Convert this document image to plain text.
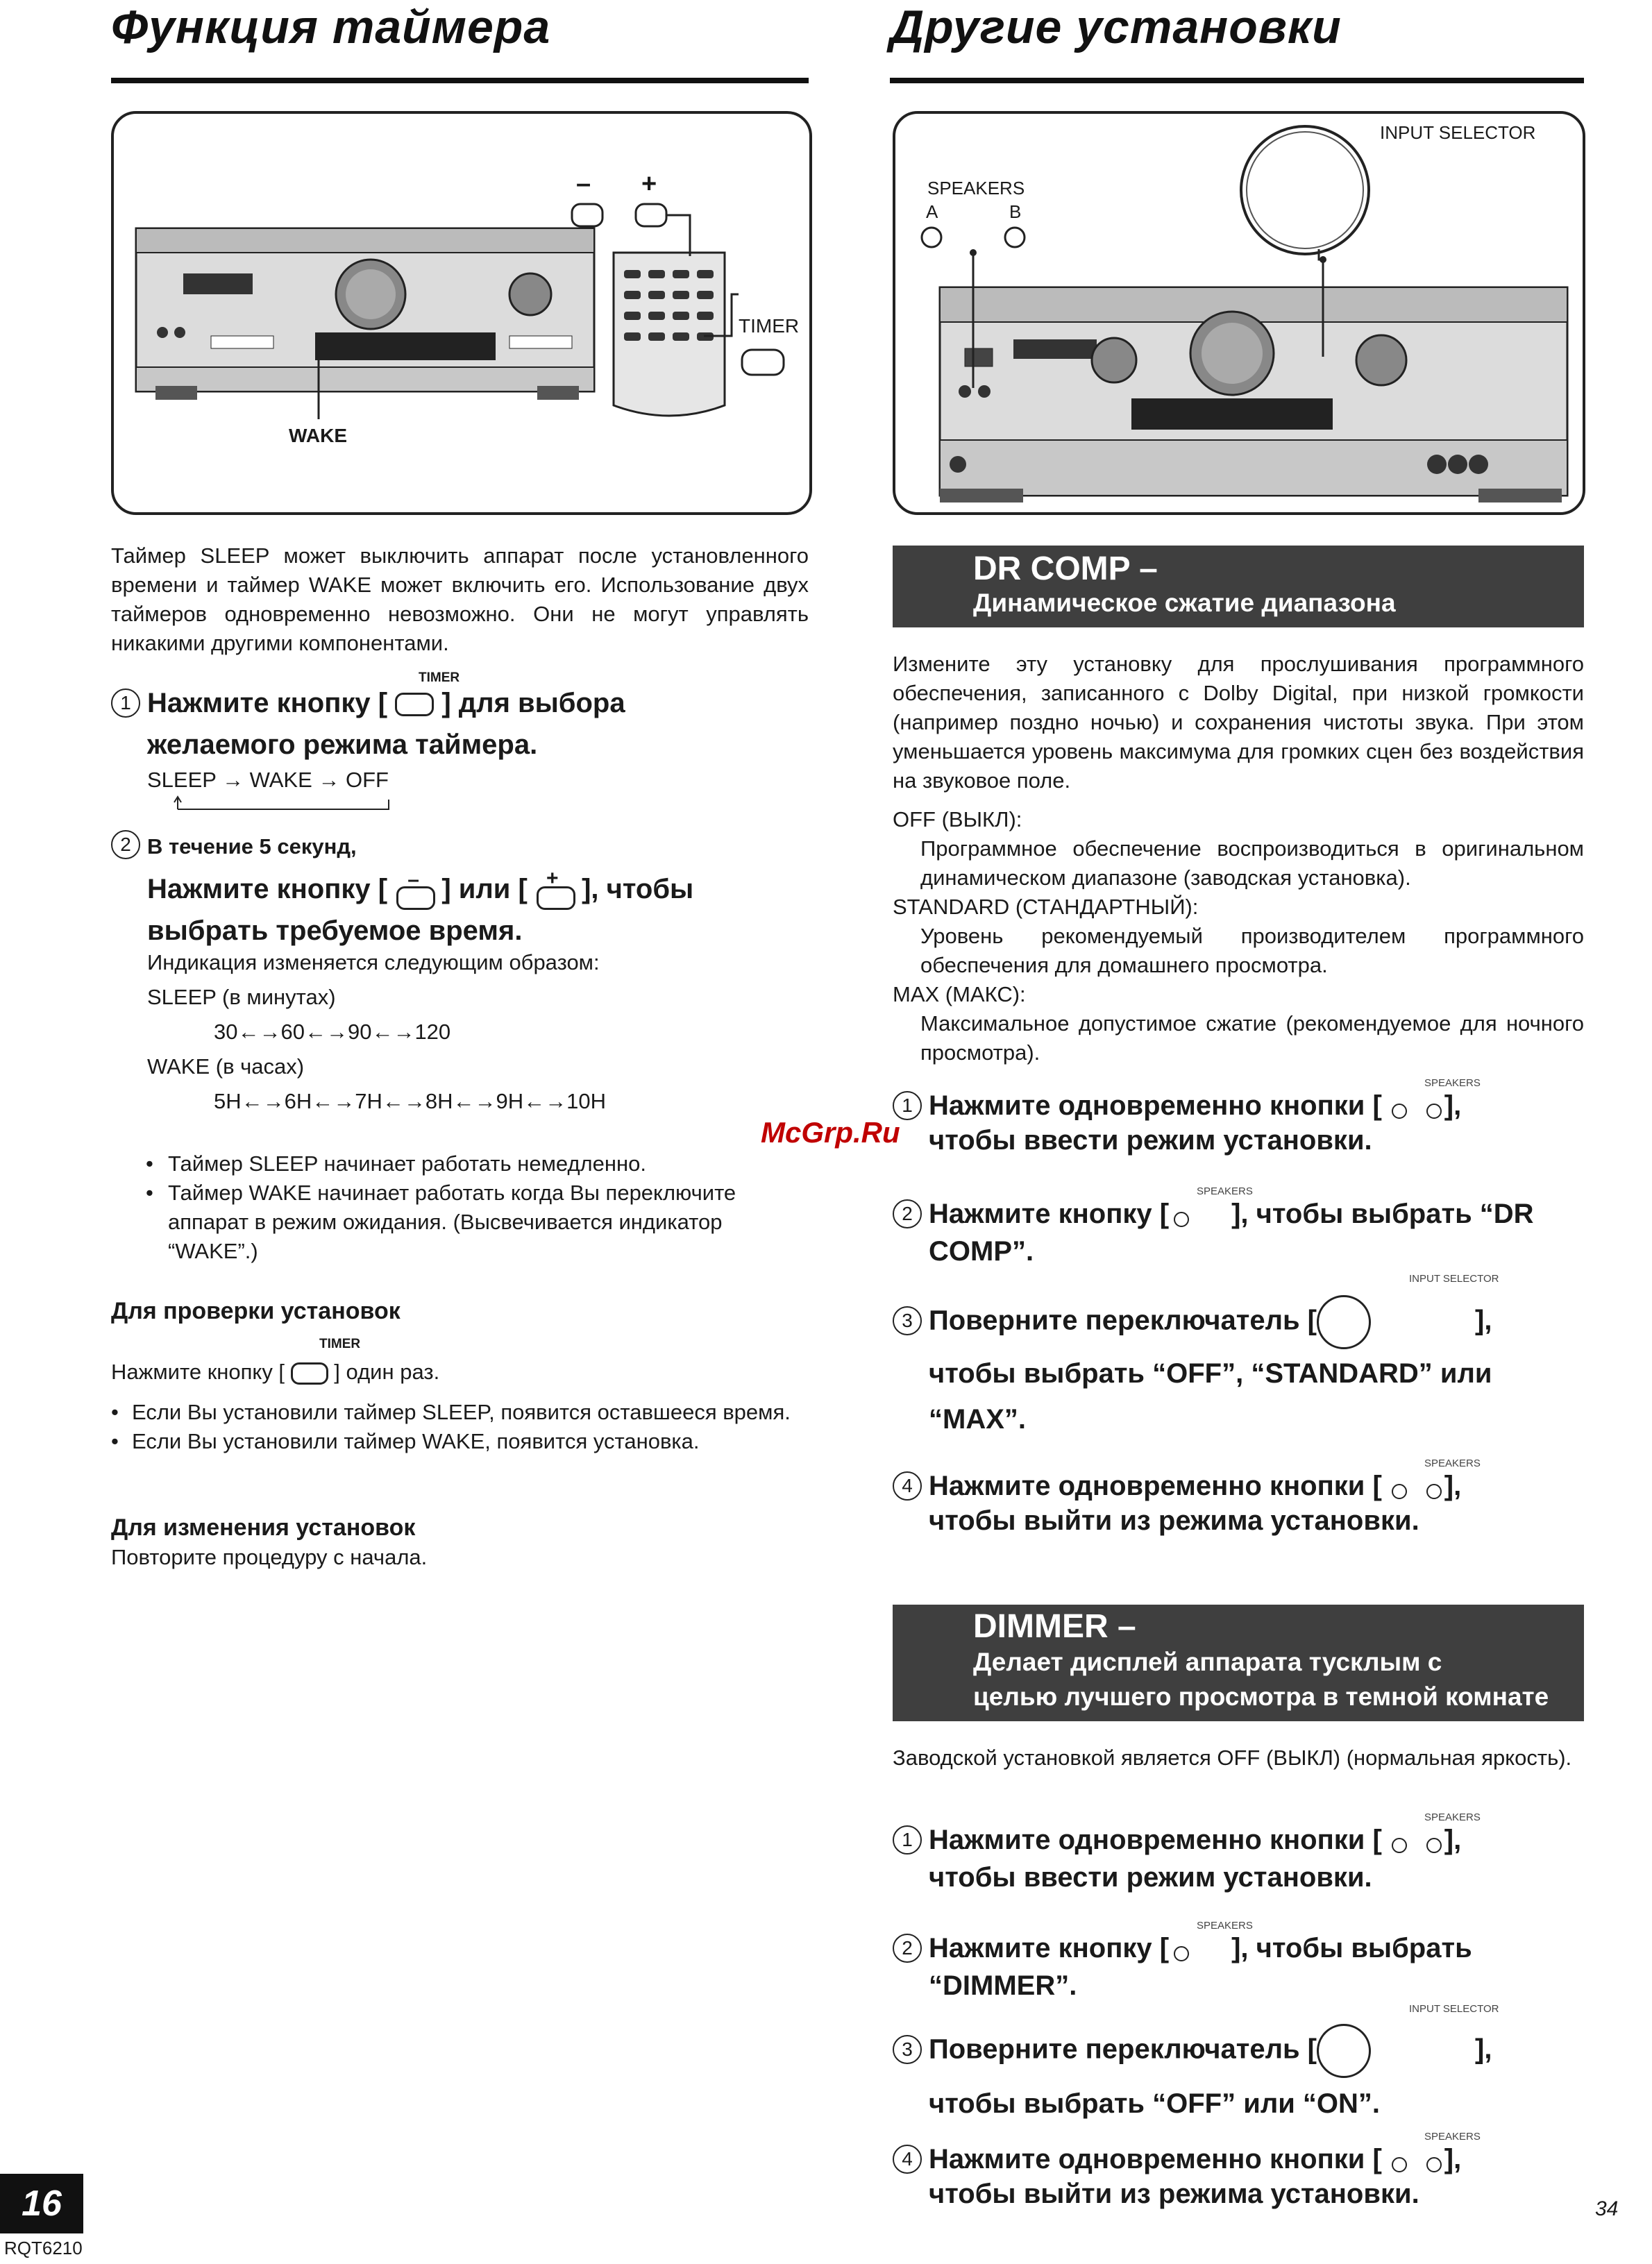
Функция таймера
– +
TIMER
WAKE
Таймер SLEEP может выключить аппарат после установленного времени и таймер WAKE может включить его. Использование двух таймеров одновременно невозможно. Они не могут управлять никакими другими компонентами.
TIMER
1 Нажмите кнопку [ ] для выбора
желаемого режима таймера.
SLEEP → WAKE → OFF
2 В течение 5 секунд,
Нажмите кнопку [ – ] или [ + ], чтобы
выбрать требуемое время.
Индикация изменяется следующим образом:
SLEEP (в минутах)
30←→60←→90←→120
WAKE (в часах)
5H←→6H←→7H←→8H←→9H←→10H
• Таймер SLEEP начинает работать немедленно.
• Таймер WAKE начинает работать когда Вы переключите аппарат в режим ожидания. (Высвечивается индикатор “WAKE”.)
Для проверки установок
TIMER
Нажмите кнопку [ ] один раз.
• Если Вы установили таймер SLEEP, появится оставшееся время.
• Если Вы установили таймер WAKE, появится установка.
Для изменения установок
Повторите процедуру с начала.
16
RQT6210
McGrp.Ru
Другие установки
INPUT SELECTOR
SPEAKERS
A	B
DR COMP –
Динамическое сжатие диапазона
Измените эту установку для прослушивания программного обеспечения, записанного с Dolby Digital, при низкой громкости (например поздно ночью) и сохранения чистоты звука. При этом уменьшается уровень максимума для громких сцен без воздействия на звуковое поле.
OFF (ВЫКЛ):
Программное обеспечение воспроизводиться в оригинальном динамическом диапазоне (заводская установка).
STANDARD (СТАНДАРТНЫЙ):
Уровень рекомендуемый производителем программного обеспечения для домашнего просмотра.
MAX (МАКС):
Максимальное допустимое сжатие (рекомендуемое для ночного просмотра).
SPEAKERS
1 Нажмите одновременно кнопки [ ],
чтобы ввести режим установки.
SPEAKERS
2 Нажмите кнопку [ ], чтобы выбрать “DR
COMP”.
INPUT SELECTOR
3 Поверните переключатель [	],
чтобы выбрать “OFF”, “STANDARD” или
“MAX”.
SPEAKERS
4 Нажмите одновременно кнопки [ ],
чтобы выйти из режима установки.
DIMMER –
Делает дисплей аппарата тусклым с
целью лучшего просмотра в темной комнате
Заводской установкой является OFF (ВЫКЛ) (нормальная яркость).
SPEAKERS
1 Нажмите одновременно кнопки [ ],
чтобы ввести режим установки.
SPEAKERS
2 Нажмите кнопку [ ], чтобы выбрать
“DIMMER”.
INPUT SELECTOR
3 Поверните переключатель [	],
чтобы выбрать “OFF” или “ON”.
SPEAKERS
4 Нажмите одновременно кнопки [ ],
чтобы выйти из режима установки.	34
